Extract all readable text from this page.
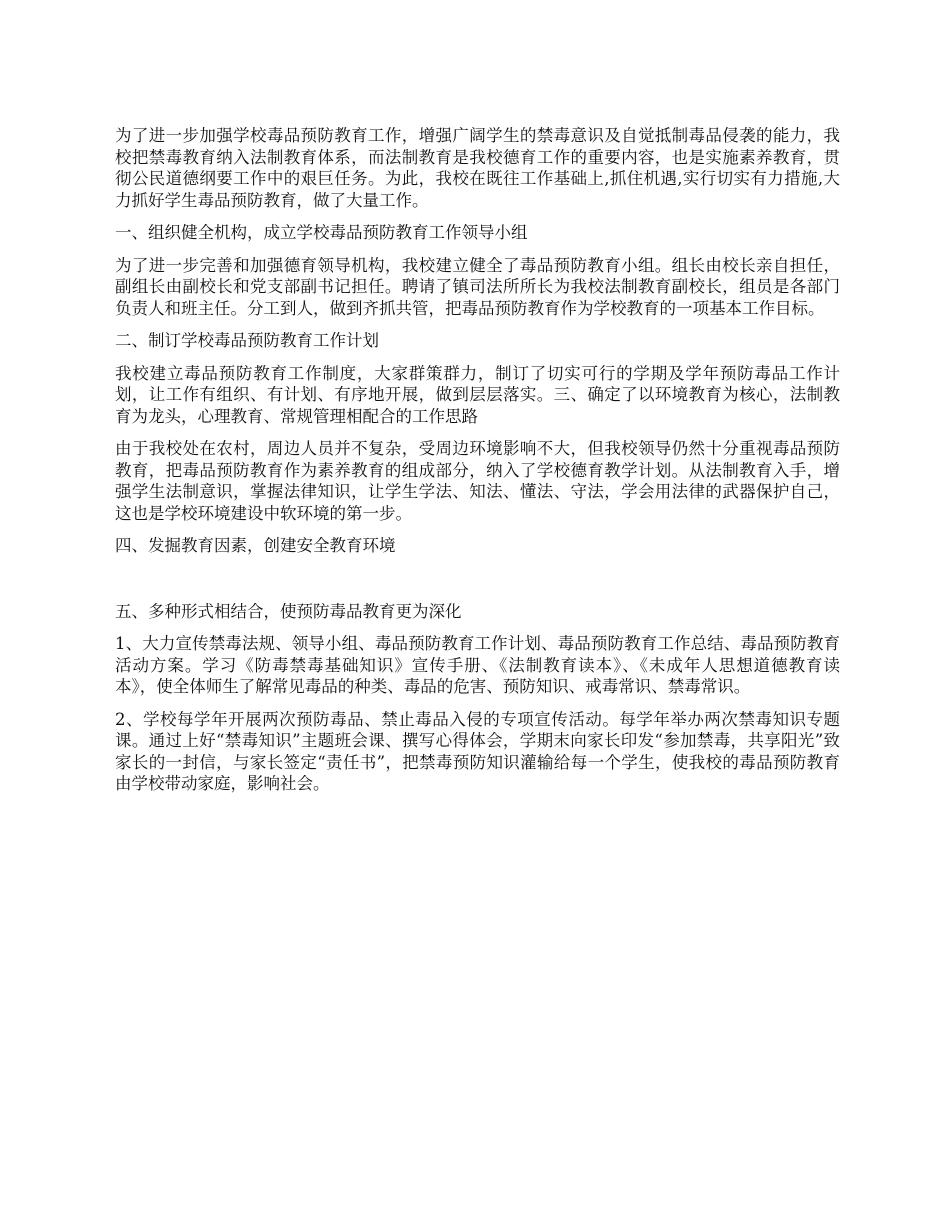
为了进一步加强学校毒品预防教育工作，增强广阔学生的禁毒意识及自觉抵制毒品侵袭的能力，我校把禁毒教育纳入法制教育体系，而法制教育是我校德育工作的重要内容，也是实施素养教育，贯彻公民道德纲要工作中的艰巨任务。为此，我校在既往工作基础上,抓住机遇,实行切实有力措施,大力抓好学生毒品预防教育，做了大量工作。

一、组织健全机构，成立学校毒品预防教育工作领导小组

为了进一步完善和加强德育领导机构，我校建立健全了毒品预防教育小组。组长由校长亲自担任，副组长由副校长和党支部副书记担任。聘请了镇司法所所长为我校法制教育副校长，组员是各部门负责人和班主任。分工到人，做到齐抓共管，把毒品预防教育作为学校教育的一项基本工作目标。

二、制订学校毒品预防教育工作计划

我校建立毒品预防教育工作制度，大家群策群力，制订了切实可行的学期及学年预防毒品工作计划，让工作有组织、有计划、有序地开展，做到层层落实。三、确定了以环境教育为核心，法制教育为龙头，心理教育、常规管理相配合的工作思路

由于我校处在农村，周边人员并不复杂，受周边环境影响不大，但我校领导仍然十分重视毒品预防教育，把毒品预防教育作为素养教育的组成部分，纳入了学校德育教学计划。从法制教育入手，增强学生法制意识，掌握法律知识，让学生学法、知法、懂法、守法，学会用法律的武器保护自己，这也是学校环境建设中软环境的第一步。

四、发掘教育因素，创建安全教育环境

五、多种形式相结合，使预防毒品教育更为深化

1、大力宣传禁毒法规、领导小组、毒品预防教育工作计划、毒品预防教育工作总结、毒品预防教育活动方案。学习《防毒禁毒基础知识》宣传手册、《法制教育读本》、《未成年人思想道德教育读本》，使全体师生了解常见毒品的种类、毒品的危害、预防知识、戒毒常识、禁毒常识。

2、学校每学年开展两次预防毒品、禁止毒品入侵的专项宣传活动。每学年举办两次禁毒知识专题课。通过上好“禁毒知识”主题班会课、撰写心得体会，学期末向家长印发“参加禁毒，共享阳光”致家长的一封信，与家长签定“责任书”，把禁毒预防知识灌输给每一个学生，使我校的毒品预防教育由学校带动家庭，影响社会。
